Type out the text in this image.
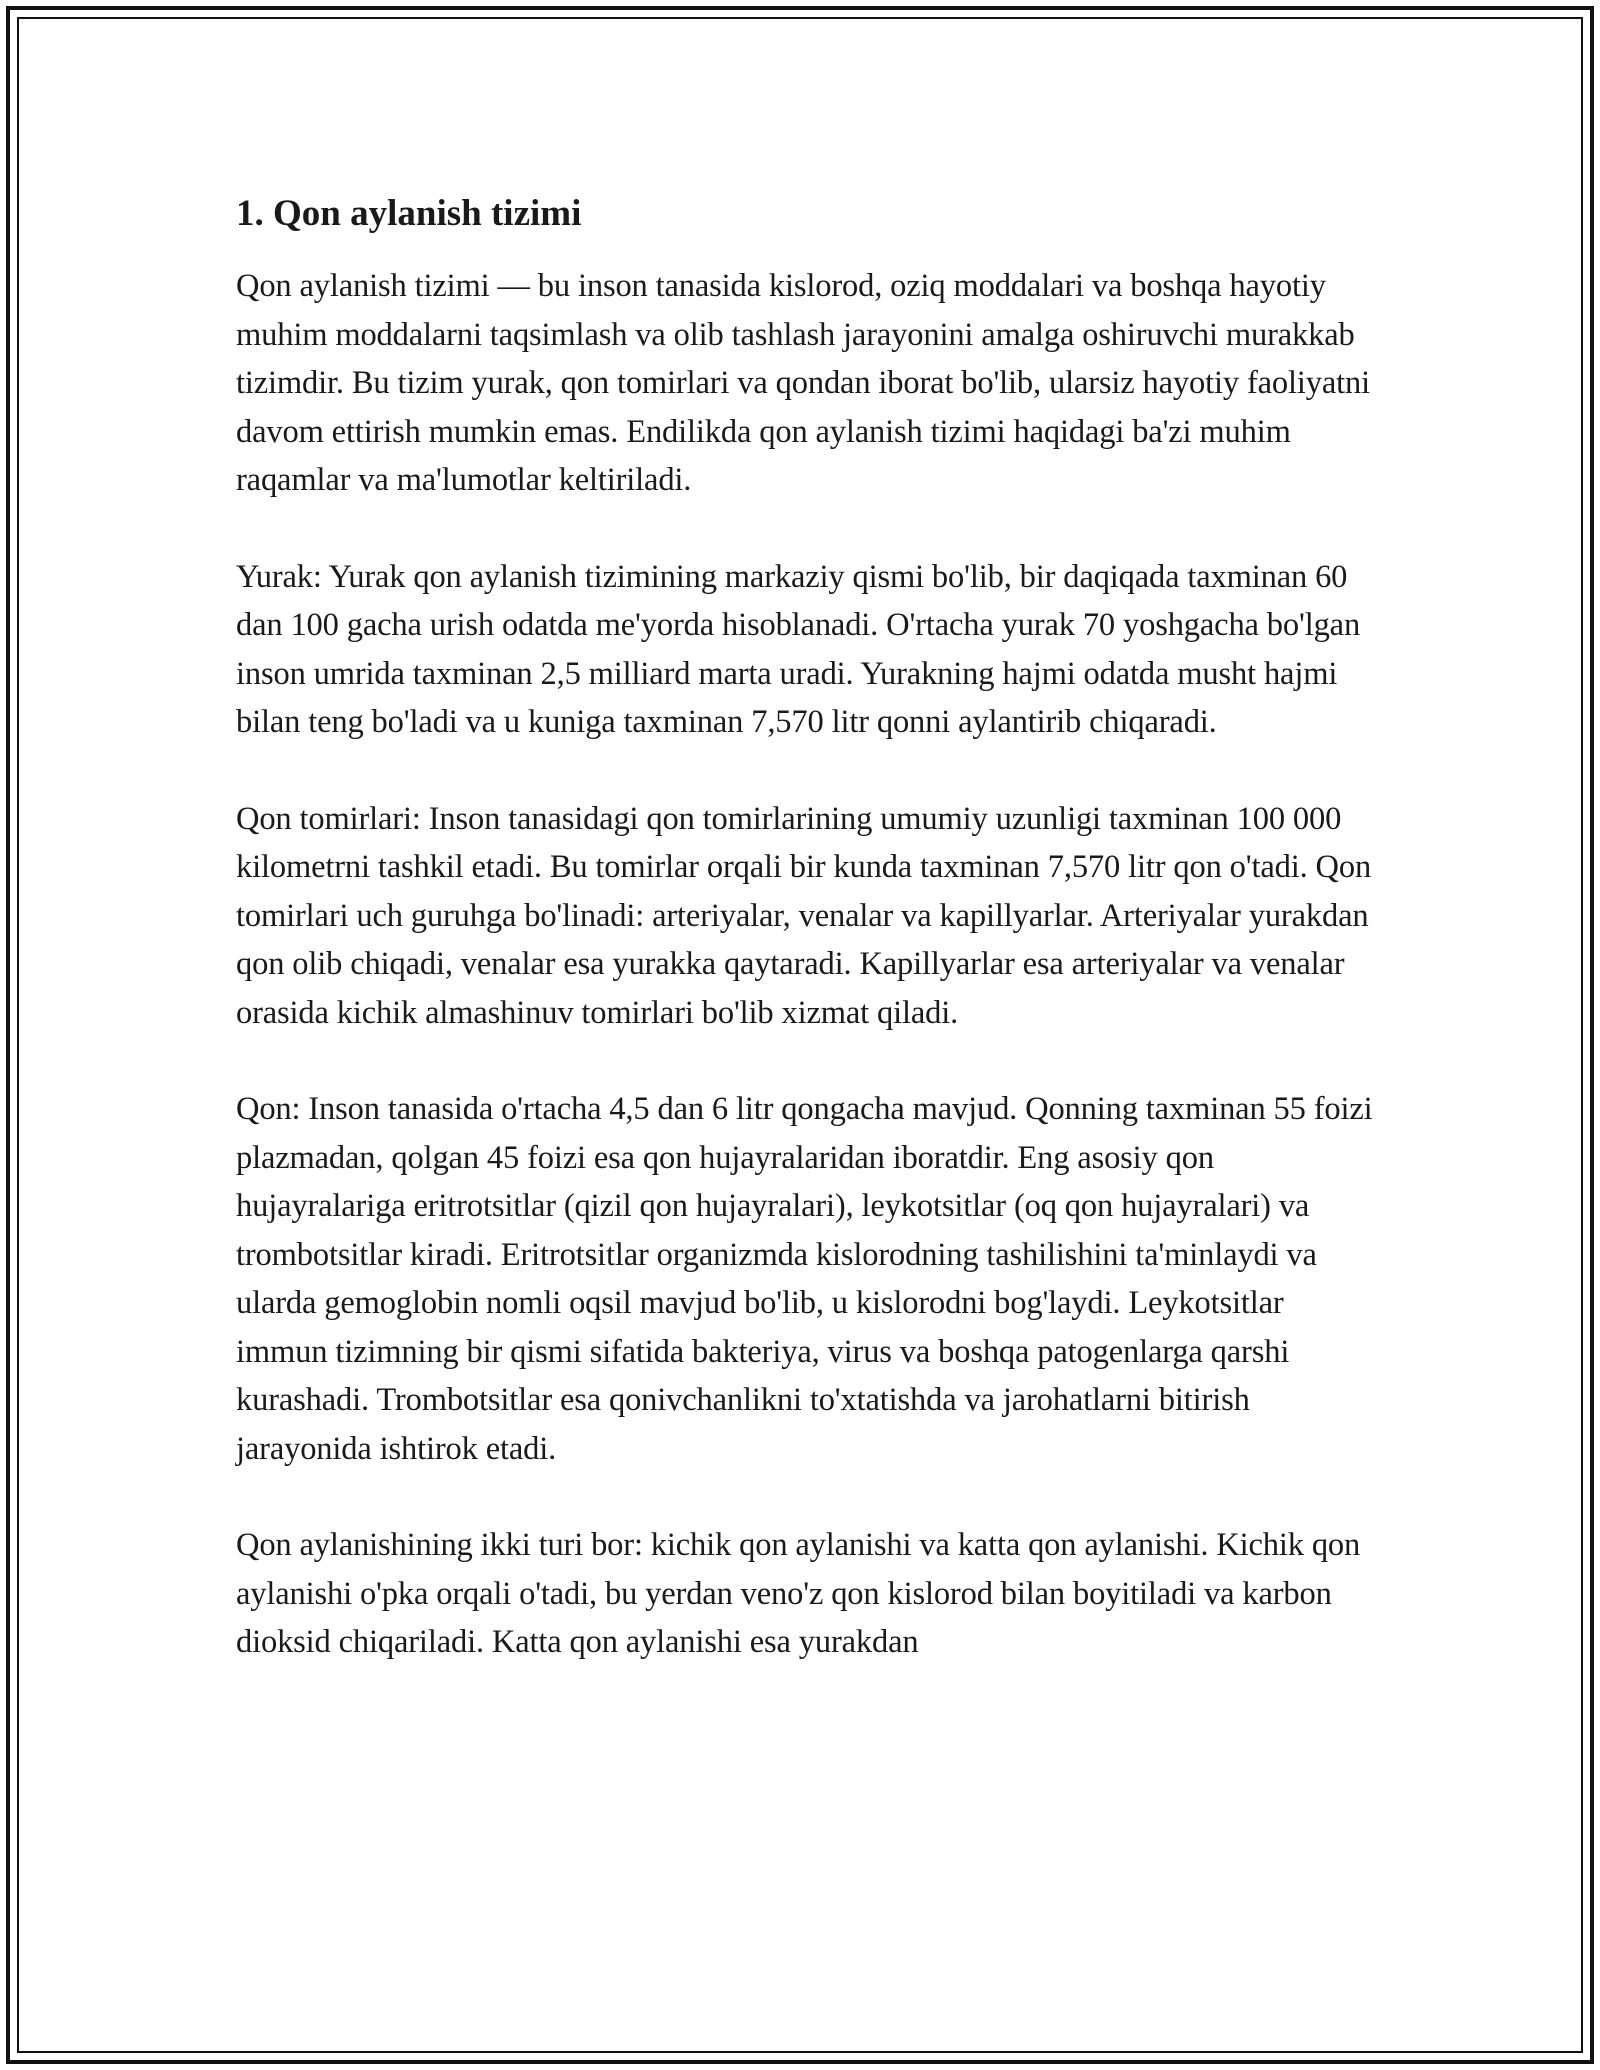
1. Qon aylanish tizimi

Qon aylanish tizimi — bu inson tanasida kislorod, oziq moddalari va boshqa hayotiy muhim moddalarni taqsimlash va olib tashlash jarayonini amalga oshiruvchi murakkab tizimdir. Bu tizim yurak, qon tomirlari va qondan iborat bo'lib, ularsiz hayotiy faoliyatni davom ettirish mumkin emas. Endilikda qon aylanish tizimi haqidagi ba'zi muhim raqamlar va ma'lumotlar keltiriladi.

Yurak: Yurak qon aylanish tizimining markaziy qismi bo'lib, bir daqiqada taxminan 60 dan 100 gacha urish odatda me'yorda hisoblanadi. O'rtacha yurak 70 yoshgacha bo'lgan inson umrida taxminan 2,5 milliard marta uradi. Yurakning hajmi odatda musht hajmi bilan teng bo'ladi va u kuniga taxminan 7,570 litr qonni aylantirib chiqaradi.

Qon tomirlari: Inson tanasidagi qon tomirlarining umumiy uzunligi taxminan 100 000 kilometrni tashkil etadi. Bu tomirlar orqali bir kunda taxminan 7,570 litr qon o'tadi. Qon tomirlari uch guruhga bo'linadi: arteriyalar, venalar va kapillyarlar. Arteriyalar yurakdan qon olib chiqadi, venalar esa yurakka qaytaradi. Kapillyarlar esa arteriyalar va venalar orasida kichik almashinuv tomirlari bo'lib xizmat qiladi.

Qon: Inson tanasida o'rtacha 4,5 dan 6 litr qongacha mavjud. Qonning taxminan 55 foizi plazmadan, qolgan 45 foizi esa qon hujayralaridan iboratdir. Eng asosiy qon hujayralariga eritrotsitlar (qizil qon hujayralari), leykotsitlar (oq qon hujayralari) va trombotsitlar kiradi. Eritrotsitlar organizmda kislorodning tashilishini ta'minlaydi va ularda gemoglobin nomli oqsil mavjud bo'lib, u kislorodni bog'laydi. Leykotsitlar immun tizimning bir qismi sifatida bakteriya, virus va boshqa patogenlarga qarshi kurashadi. Trombotsitlar esa qonivchanlikni to'xtatishda va jarohatlarni bitirish jarayonida ishtirok etadi.

Qon aylanishining ikki turi bor: kichik qon aylanishi va katta qon aylanishi. Kichik qon aylanishi o'pka orqali o'tadi, bu yerdan veno'z qon kislorod bilan boyitiladi va karbon dioksid chiqariladi. Katta qon aylanishi esa yurakdan
